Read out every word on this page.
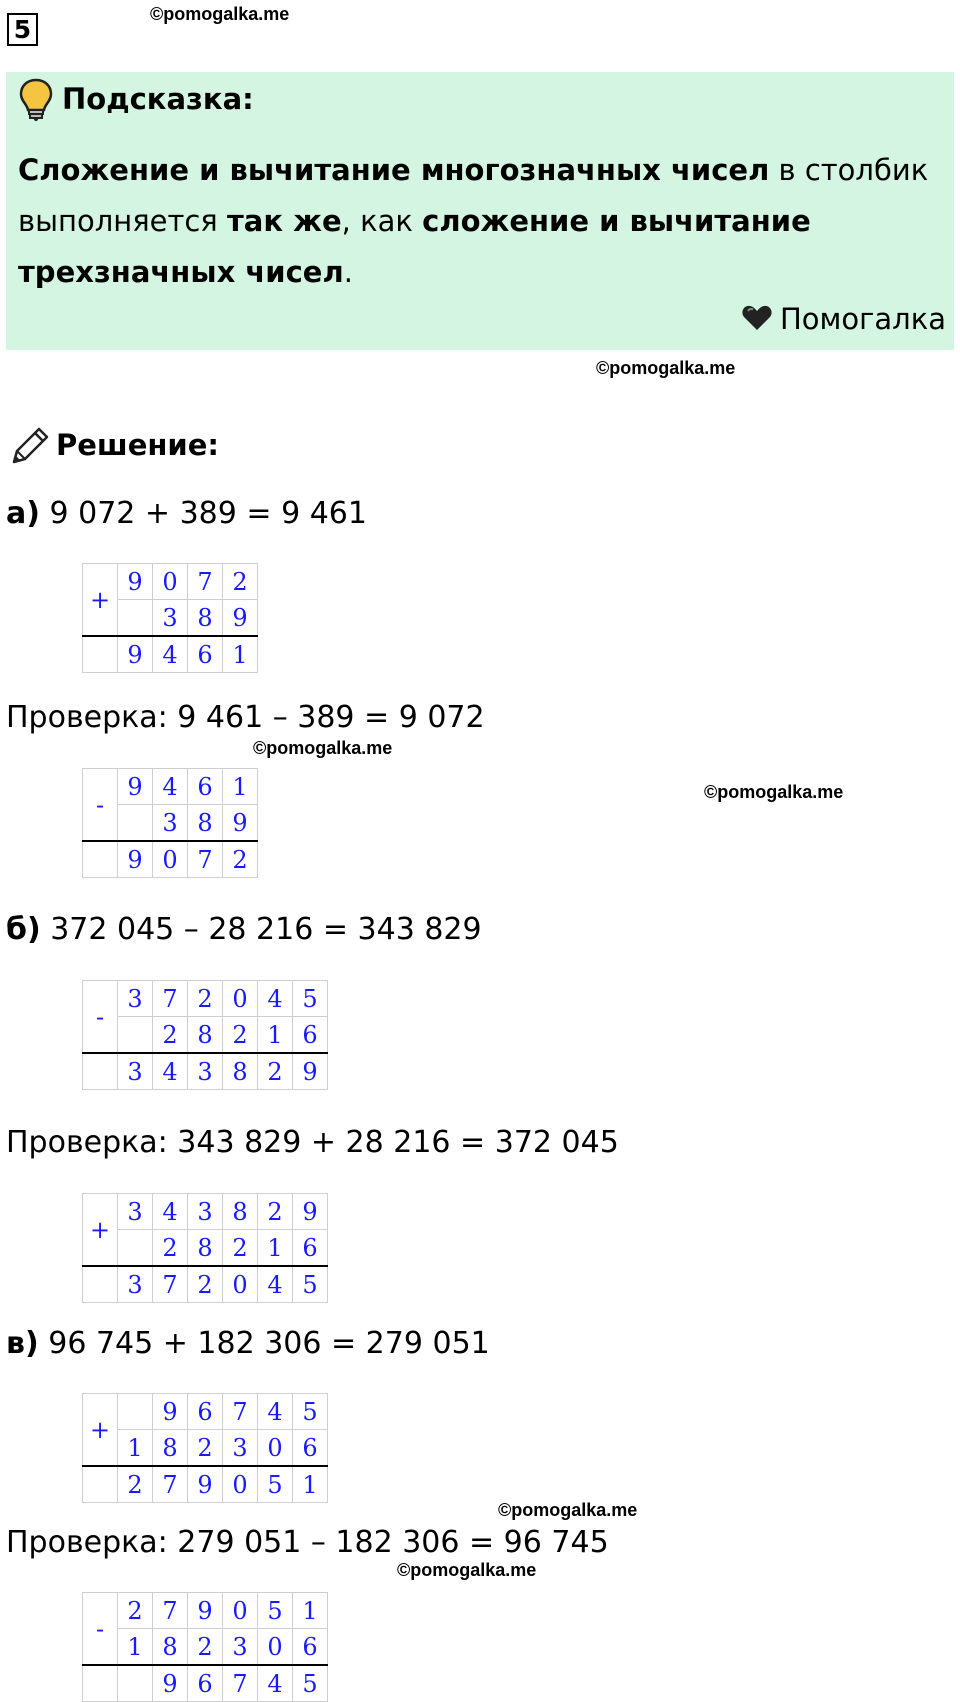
5
©pomogalka.me
Подсказка:
Сложение и вычитание многозначных чисел в столбик выполняется так же, как сложение и вычитание трехзначных чисел.
Помогалка
©pomogalka.me
Решение:
а) 9 072 + 389 = 9 461
+	9	0	7	2
		3	8	9
	9	4	6	1
Проверка: 9 461 – 389 = 9 072
©pomogalka.me
-	9	4	6	1
		3	8	9
	9	0	7	2
©pomogalka.me
б) 372 045 – 28 216 = 343 829
-	3	7	2	0	4	5
		2	8	2	1	6
	3	4	3	8	2	9
Проверка: 343 829 + 28 216 = 372 045
+	3	4	3	8	2	9
		2	8	2	1	6
	3	7	2	0	4	5
в) 96 745 + 182 306 = 279 051
+		9	6	7	4	5
	1	8	2	3	0	6
	2	7	9	0	5	1
©pomogalka.me
Проверка: 279 051 – 182 306 = 96 745
©pomogalka.me
-	2	7	9	0	5	1
	1	8	2	3	0	6
		9	6	7	4	5
